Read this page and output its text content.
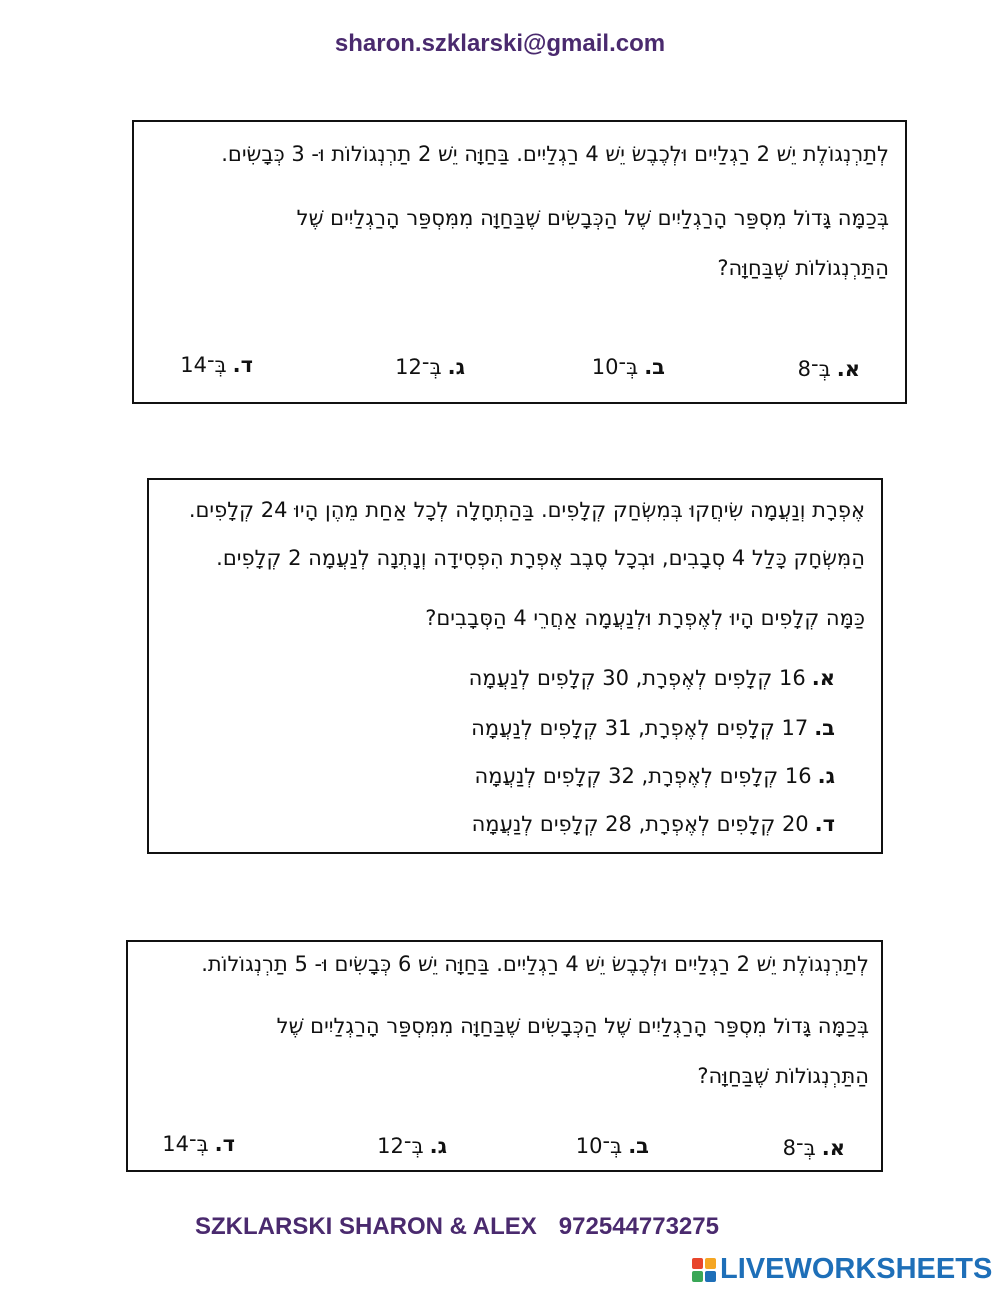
sharon.szklarski@gmail.com
לְתַרְנְגוֹלֶת יֵשׁ 2 רַגְלַיִים וּלְכֶבֶשׂ יֵשׁ 4 רַגְלַיִים. בַּחַוָּה יֵשׁ 2 תַרְנְגוֹלוֹת וּ- 3 כְּבָשִׂים.
בְּכַמָּה גָּדוֹל מִסְפַּר הָרַגְלַיִים שֶׁל הַכְּבָשִׂים שֶׁבַּחַוָּה מִמִּסְפַּר הָרַגְלַיִים שֶׁל
הַתַּרְנְגוֹלוֹת שֶׁבַּחַוָּה?
א.בְּ־8
ב.בְּ־10
ג.בְּ־12
ד.בְּ־14
אֶפְרָת וְנַעֲמָה שִׂיחֲקוּ בְּמִשְׂחַק קְלָפִים. בַּהַתְחָלָה לְכָל אַחַת מֵהֶן הָיוּ 24 קְלָפִים.
הַמִּשְׂחָק כָּלַל 4 סְבָבִים, וּבְכָל סֶבֶב אֶפְרָת הִפְסִידָה וְנָתְנָה לְנַעֲמָה 2 קְלָפִים.
כַּמָּה קְלָפִים הָיוּ לְאֶפְרָת וּלְנַעֲמָה אַחֲרֵי 4 הַסְּבָבִים?
א.16 קְלָפִים לְאֶפְרָת, 30 קְלָפִים לְנַעֲמָה
ב.17 קְלָפִים לְאֶפְרָת, 31 קְלָפִים לְנַעֲמָה
ג.16 קְלָפִים לְאֶפְרָת, 32 קְלָפִים לְנַעֲמָה
ד.20 קְלָפִים לְאֶפְרָת, 28 קְלָפִים לְנַעֲמָה
לְתַרְנְגוֹלֶת יֵשׁ 2 רַגְלַיִים וּלְכֶבֶשׂ יֵשׁ 4 רַגְלַיִים. בַּחַוָּה יֵשׁ 6 כְּבָשִׂים וּ- 5 תַרְנְגוֹלוֹת.
בְּכַמָּה גָּדוֹל מִסְפַּר הָרַגְלַיִים שֶׁל הַכְּבָשִׂים שֶׁבַּחַוָּה מִמִּסְפַּר הָרַגְלַיִים שֶׁל
הַתַּרְנְגוֹלוֹת שֶׁבַּחַוָּה?
א.בְּ־8
ב.בְּ־10
ג.בְּ־12
ד.בְּ־14
SZKLARSKI SHARON & ALEX 972544773275
LIVEWORKSHEETS
